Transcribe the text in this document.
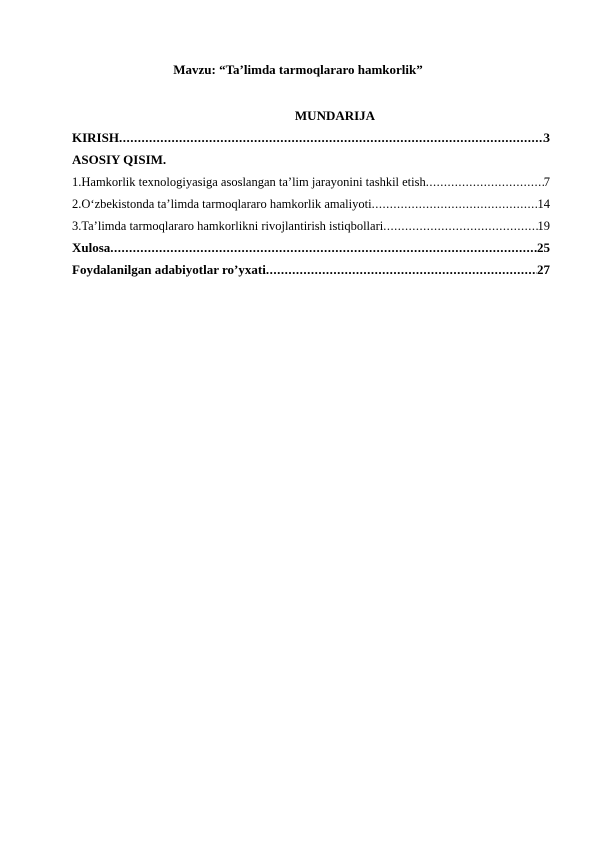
Mavzu: “Ta’limda tarmoqlararo hamkorlik”

MUNDARIJA

KIRISH .....	3
ASOSIY QISIM.
1.Hamkorlik texnologiyasiga asoslangan ta’lim jarayonini tashkil etish .....	7
2.O‘zbekistonda ta’limda tarmoqlararo hamkorlik amaliyoti .....	14
3.Ta’limda tarmoqlararo hamkorlikni rivojlantirish istiqbollari .....	19
Xulosa .....	25
Foydalanilgan adabiyotlar ro’yxati .....	27
